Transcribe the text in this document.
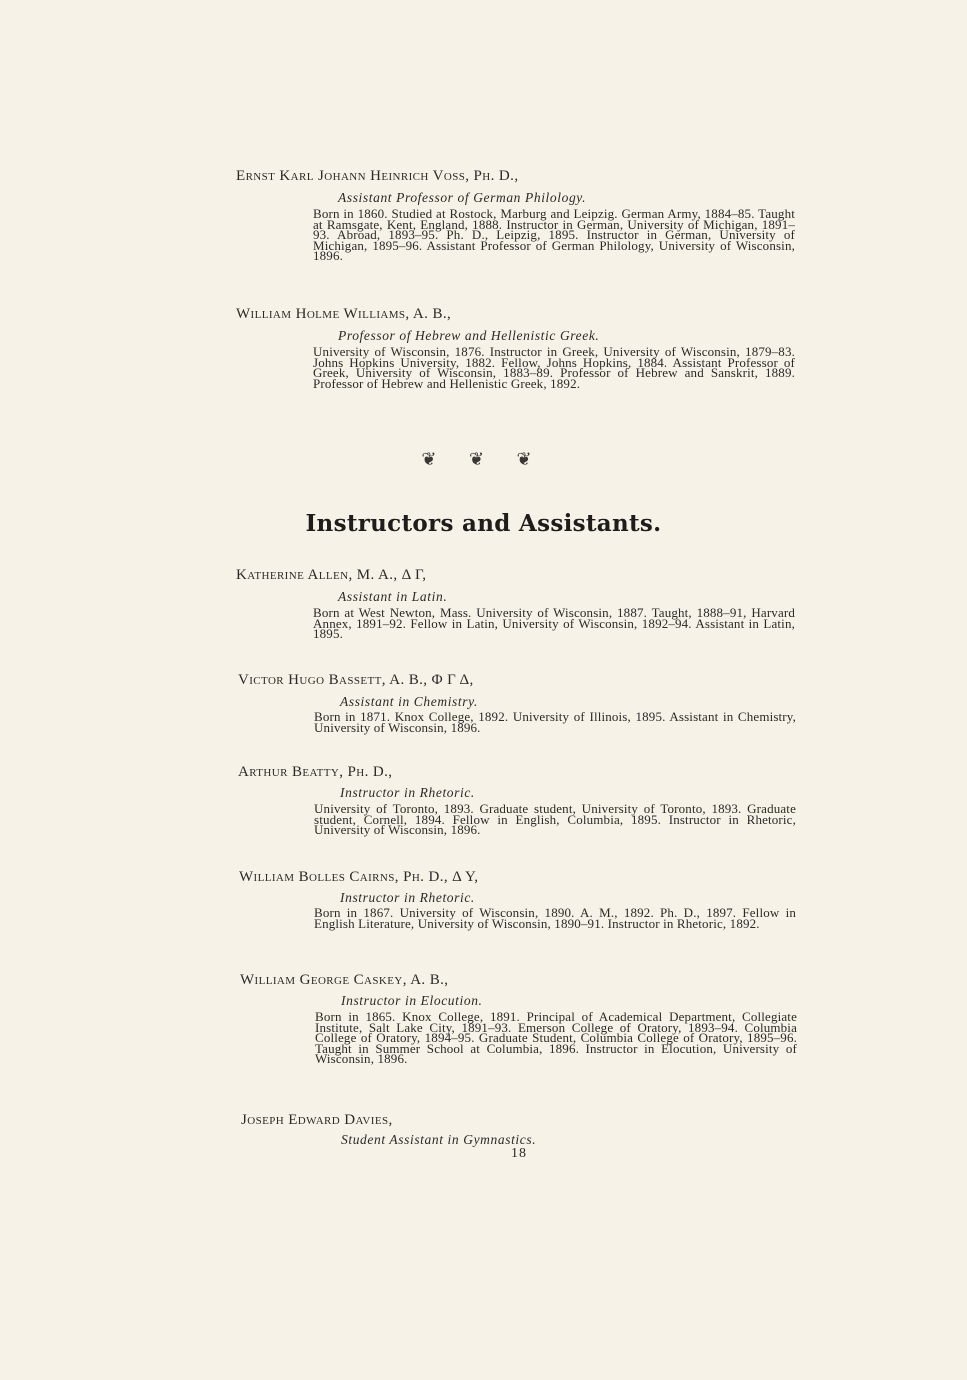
Ernst Karl Johann Heinrich Voss, Ph. D.,
Assistant Professor of German Philology.
Born in 1860. Studied at Rostock, Marburg and Leipzig. German Army, 1884–85. Taught at Ramsgate, Kent, England, 1888. Instructor in German, University of Michigan, 1891–93. Abroad, 1893–95. Ph. D., Leipzig, 1895. Instructor in German, University of Michigan, 1895–96. Assistant Professor of German Philology, University of Wisconsin, 1896.
William Holme Williams, A. B.,
Professor of Hebrew and Hellenistic Greek.
University of Wisconsin, 1876. Instructor in Greek, University of Wisconsin, 1879–83. Johns Hopkins University, 1882. Fellow, Johns Hopkins, 1884. Assistant Professor of Greek, University of Wisconsin, 1883–89. Professor of Hebrew and Sanskrit, 1889. Professor of Hebrew and Hellenistic Greek, 1892.
❦ ❦ ❦
Instructors and Assistants.
Katherine Allen, M. A., Δ Γ,
Assistant in Latin.
Born at West Newton, Mass. University of Wisconsin, 1887. Taught, 1888–91, Harvard Annex, 1891–92. Fellow in Latin, University of Wisconsin, 1892–94. Assistant in Latin, 1895.
Victor Hugo Bassett, A. B., Φ Γ Δ,
Assistant in Chemistry.
Born in 1871. Knox College, 1892. University of Illinois, 1895. Assistant in Chemistry, University of Wisconsin, 1896.
Arthur Beatty, Ph. D.,
Instructor in Rhetoric.
University of Toronto, 1893. Graduate student, University of Toronto, 1893. Graduate student, Cornell, 1894. Fellow in English, Columbia, 1895. Instructor in Rhetoric, University of Wisconsin, 1896.
William Bolles Cairns, Ph. D., Δ Υ,
Instructor in Rhetoric.
Born in 1867. University of Wisconsin, 1890. A. M., 1892. Ph. D., 1897. Fellow in English Literature, University of Wisconsin, 1890–91. Instructor in Rhetoric, 1892.
William George Caskey, A. B.,
Instructor in Elocution.
Born in 1865. Knox College, 1891. Principal of Academical Department, Collegiate Institute, Salt Lake City, 1891–93. Emerson College of Oratory, 1893–94. Columbia College of Oratory, 1894–95. Graduate Student, Columbia College of Oratory, 1895–96. Taught in Summer School at Columbia, 1896. Instructor in Elocution, University of Wisconsin, 1896.
Joseph Edward Davies,
Student Assistant in Gymnastics.
18
